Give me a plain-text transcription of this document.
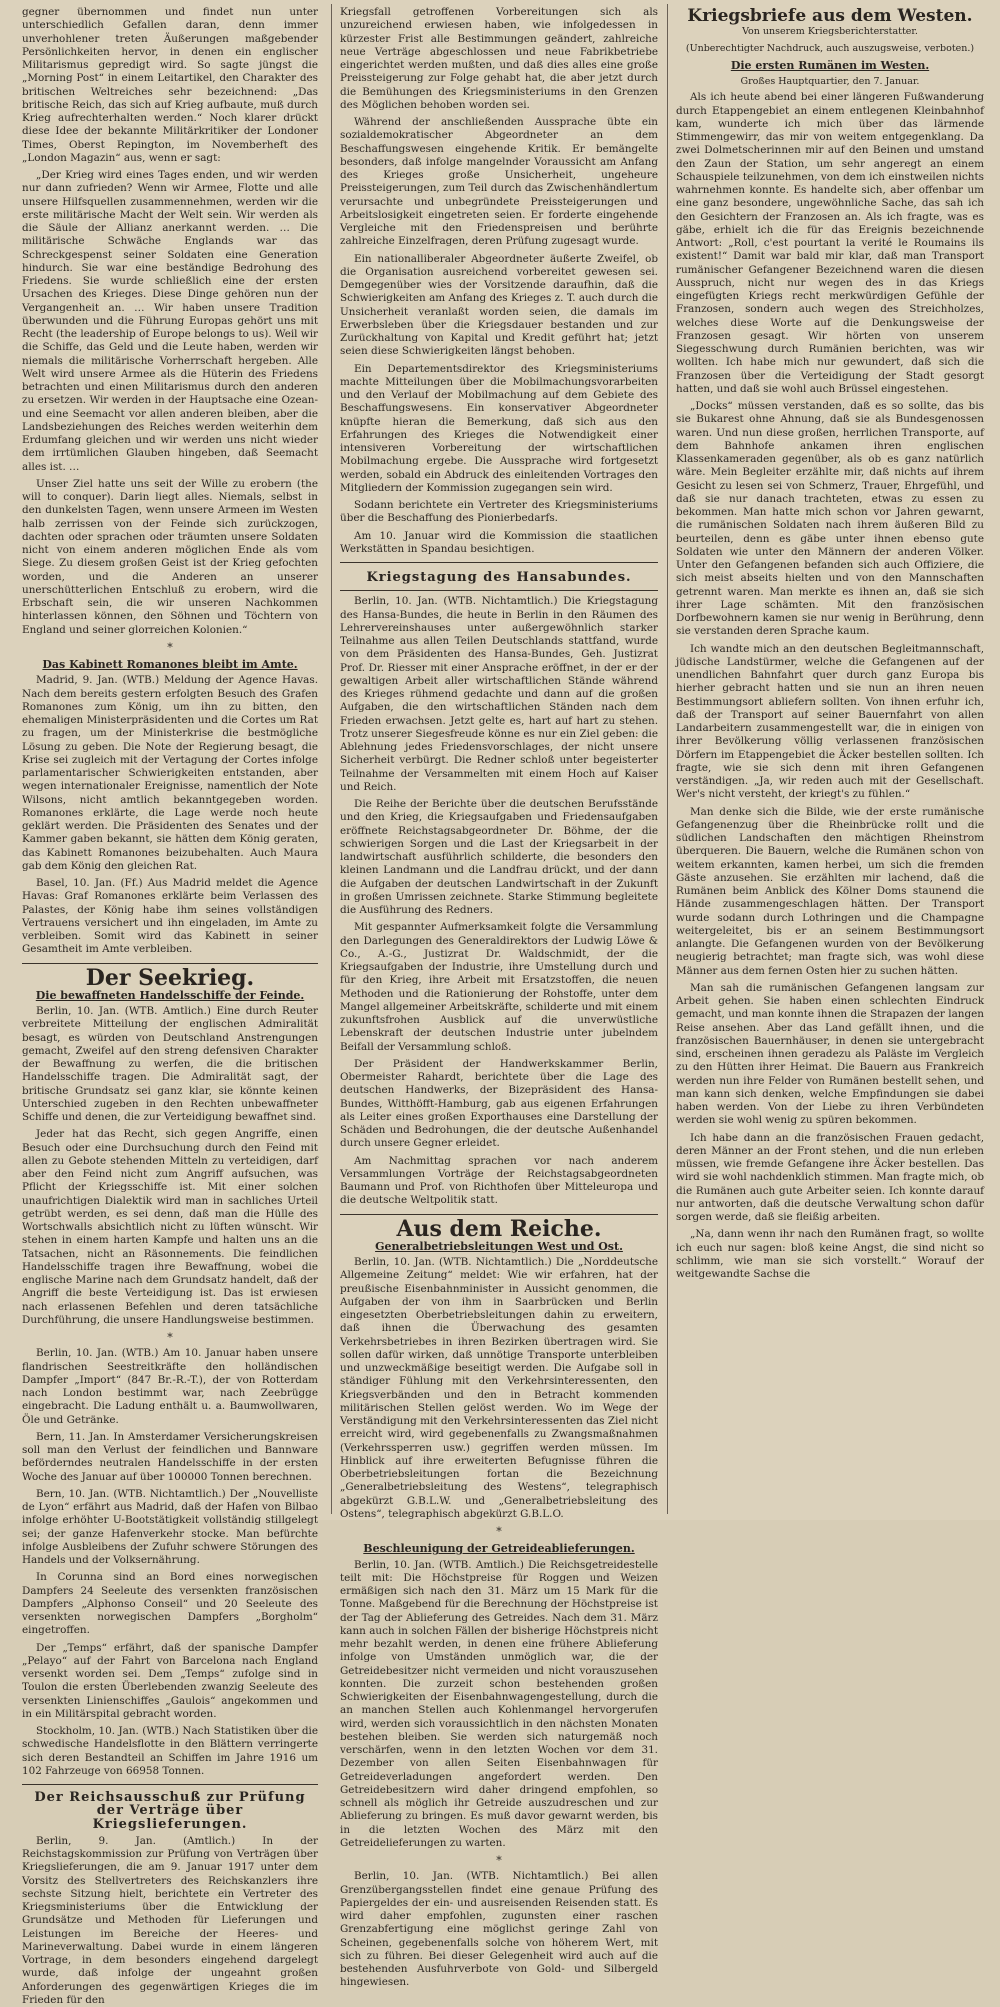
gegner übernommen und findet nun unter unterschiedlich Gefallen daran, denn immer unverhohlener treten Äußerungen maßgebender Persönlichkeiten hervor, in denen ein englischer Militarismus gepredigt wird. So sagte jüngst die „Morning Post“ in einem Leitartikel, den Charakter des britischen Weltreiches sehr bezeichnend: „Das britische Reich, das sich auf Krieg aufbaute, muß durch Krieg aufrechterhalten werden.“ Noch klarer drückt diese Idee der bekannte Militärkritiker der Londoner Times, Oberst Repington, im Novemberheft des „London Magazin“ aus, wenn er sagt:

„Der Krieg wird eines Tages enden, und wir werden nur dann zufrieden? Wenn wir Armee, Flotte und alle unsere Hilfsquellen zusammennehmen, werden wir die erste militärische Macht der Welt sein. Wir werden als die Säule der Allianz anerkannt werden. … Die militärische Schwäche Englands war das Schreckgespenst seiner Soldaten eine Generation hindurch. Sie war eine beständige Bedrohung des Friedens. Sie wurde schließlich eine der ersten Ursachen des Krieges. Diese Dinge gehören nun der Vergangenheit an. … Wir haben unsere Tradition überwunden und die Führung Europas gehört uns mit Recht (the leadership of Europe belongs to us). Weil wir die Schiffe, das Geld und die Leute haben, werden wir niemals die militärische Vorherrschaft hergeben. Alle Welt wird unsere Armee als die Hüterin des Friedens betrachten und einen Militarismus durch den anderen zu ersetzen. Wir werden in der Hauptsache eine Ozean- und eine Seemacht vor allen anderen bleiben, aber die Landsbeziehungen des Reiches werden weiterhin dem Erdumfang gleichen und wir werden uns nicht wieder dem irrtümlichen Glauben hingeben, daß Seemacht alles ist. …

Unser Ziel hatte uns seit der Wille zu erobern (the will to conquer). Darin liegt alles. Niemals, selbst in den dunkelsten Tagen, wenn unsere Armeen im Westen halb zerrissen von der Feinde sich zurückzogen, dachten oder sprachen oder träumten unsere Soldaten nicht von einem anderen möglichen Ende als vom Siege. Zu diesem großen Geist ist der Krieg gefochten worden, und die Anderen an unserer unerschütterlichen Entschluß zu erobern, wird die Erbschaft sein, die wir unseren Nachkommen hinterlassen können, den Söhnen und Töchtern von England und seiner glorreichen Kolonien.“

*
Das Kabinett Romanones bleibt im Amte.

Madrid, 9. Jan. (WTB.) Meldung der Agence Havas. Nach dem bereits gestern erfolgten Besuch des Grafen Romanones zum König, um ihn zu bitten, den ehemaligen Ministerpräsidenten und die Cortes um Rat zu fragen, um der Ministerkrise die bestmögliche Lösung zu geben. Die Note der Regierung besagt, die Krise sei zugleich mit der Vertagung der Cortes infolge parlamentarischer Schwierigkeiten entstanden, aber wegen internationaler Ereignisse, namentlich der Note Wilsons, nicht amtlich bekanntgegeben worden. Romanones erklärte, die Lage werde noch heute geklärt werden. Die Präsidenten des Senates und der Kammer gaben bekannt, sie hätten dem König geraten, das Kabinett Romanones beizubehalten. Auch Maura gab dem König den gleichen Rat.

Basel, 10. Jan. (Ff.) Aus Madrid meldet die Agence Havas: Graf Romanones erklärte beim Verlassen des Palastes, der König habe ihm seines vollständigen Vertrauens versichert und ihn eingeladen, im Amte zu verbleiben. Somit wird das Kabinett in seiner Gesamtheit im Amte verbleiben.

Der Seekrieg.
Die bewaffneten Handelsschiffe der Feinde.

Berlin, 10. Jan. (WTB. Amtlich.) Eine durch Reuter verbreitete Mitteilung der englischen Admiralität besagt, es würden von Deutschland Anstrengungen gemacht, Zweifel auf den streng defensiven Charakter der Bewaffnung zu werfen, die die britischen Handelsschiffe tragen. Die Admiralität sagt, der britische Grundsatz sei ganz klar, sie könnte keinen Unterschied zugeben in den Rechten unbewaffneter Schiffe und denen, die zur Verteidigung bewaffnet sind.

Jeder hat das Recht, sich gegen Angriffe, einen Besuch oder eine Durchsuchung durch den Feind mit allen zu Gebote stehenden Mitteln zu verteidigen, darf aber den Feind nicht zum Angriff aufsuchen, was Pflicht der Kriegsschiffe ist. Mit einer solchen unaufrichtigen Dialektik wird man in sachliches Urteil getrübt werden, es sei denn, daß man die Hülle des Wortschwalls absichtlich nicht zu lüften wünscht. Wir stehen in einem harten Kampfe und halten uns an die Tatsachen, nicht an Räsonnements. Die feindlichen Handelsschiffe tragen ihre Bewaffnung, wobei die englische Marine nach dem Grundsatz handelt, daß der Angriff die beste Verteidigung ist. Das ist erwiesen nach erlassenen Befehlen und deren tatsächliche Durchführung, die unsere Handlungsweise bestimmen.

*

Berlin, 10. Jan. (WTB.) Am 10. Januar haben unsere flandrischen Seestreitkräfte den holländischen Dampfer „Import“ (847 Br.-R.-T.), der von Rotterdam nach London bestimmt war, nach Zeebrügge eingebracht. Die Ladung enthält u. a. Baumwollwaren, Öle und Getränke.

Bern, 11. Jan. In Amsterdamer Versicherungskreisen soll man den Verlust der feindlichen und Bannware beförderndes neutralen Handelsschiffe in der ersten Woche des Januar auf über 100000 Tonnen berechnen.

Bern, 10. Jan. (WTB. Nichtamtlich.) Der „Nouvelliste de Lyon“ erfährt aus Madrid, daß der Hafen von Bilbao infolge erhöhter U-Bootstätigkeit vollständig stillgelegt sei; der ganze Hafenverkehr stocke. Man befürchte infolge Ausbleibens der Zufuhr schwere Störungen des Handels und der Volksernährung.

In Corunna sind an Bord eines norwegischen Dampfers 24 Seeleute des versenkten französischen Dampfers „Alphonso Conseil“ und 20 Seeleute des versenkten norwegischen Dampfers „Borgholm“ eingetroffen.

Der „Temps“ erfährt, daß der spanische Dampfer „Pelayo“ auf der Fahrt von Barcelona nach England versenkt worden sei. Dem „Temps“ zufolge sind in Toulon die ersten Überlebenden zwanzig Seeleute des versenkten Linienschiffes „Gaulois“ angekommen und in ein Militärspital gebracht worden.

Stockholm, 10. Jan. (WTB.) Nach Statistiken über die schwedische Handelsflotte in den Blättern verringerte sich deren Bestandteil an Schiffen im Jahre 1916 um 102 Fahrzeuge von 66958 Tonnen.

Der Reichsausschuß zur Prüfung der Verträge über Kriegslieferungen.

Berlin, 9. Jan. (Amtlich.) In der Reichstagskommission zur Prüfung von Verträgen über Kriegslieferungen, die am 9. Januar 1917 unter dem Vorsitz des Stellvertreters des Reichskanzlers ihre sechste Sitzung hielt, berichtete ein Vertreter des Kriegsministeriums über die Entwicklung der Grundsätze und Methoden für Lieferungen und Leistungen im Bereiche der Heeres- und Marineverwaltung. Dabei wurde in einem längeren Vortrage, in dem besonders eingehend dargelegt wurde, daß infolge der ungeahnt großen Anforderungen des gegenwärtigen Krieges die im Frieden für den

Kriegsfall getroffenen Vorbereitungen sich als unzureichend erwiesen haben, wie infolgedessen in kürzester Frist alle Bestimmungen geändert, zahlreiche neue Verträge abgeschlossen und neue Fabrikbetriebe eingerichtet werden mußten, und daß dies alles eine große Preissteigerung zur Folge gehabt hat, die aber jetzt durch die Bemühungen des Kriegsministeriums in den Grenzen des Möglichen behoben worden sei.

Während der anschließenden Aussprache übte ein sozialdemokratischer Abgeordneter an dem Beschaffungswesen eingehende Kritik. Er bemängelte besonders, daß infolge mangelnder Voraussicht am Anfang des Krieges große Unsicherheit, ungeheure Preissteigerungen, zum Teil durch das Zwischenhändlertum verursachte und unbegründete Preissteigerungen und Arbeitslosigkeit eingetreten seien. Er forderte eingehende Vergleiche mit den Friedenspreisen und berührte zahlreiche Einzelfragen, deren Prüfung zugesagt wurde.

Ein nationalliberaler Abgeordneter äußerte Zweifel, ob die Organisation ausreichend vorbereitet gewesen sei. Demgegenüber wies der Vorsitzende daraufhin, daß die Schwierigkeiten am Anfang des Krieges z. T. auch durch die Unsicherheit veranlaßt worden seien, die damals im Erwerbsleben über die Kriegsdauer bestanden und zur Zurückhaltung von Kapital und Kredit geführt hat; jetzt seien diese Schwierigkeiten längst behoben.

Ein Departementsdirektor des Kriegsministeriums machte Mitteilungen über die Mobilmachungsvorarbeiten und den Verlauf der Mobilmachung auf dem Gebiete des Beschaffungswesens. Ein konservativer Abgeordneter knüpfte hieran die Bemerkung, daß sich aus den Erfahrungen des Krieges die Notwendigkeit einer intensiveren Vorbereitung der wirtschaftlichen Mobilmachung ergebe. Die Aussprache wird fortgesetzt werden, sobald ein Abdruck des einleitenden Vortrages den Mitgliedern der Kommission zugegangen sein wird.

Sodann berichtete ein Vertreter des Kriegsministeriums über die Beschaffung des Pionierbedarfs.

Am 10. Januar wird die Kommission die staatlichen Werkstätten in Spandau besichtigen.

Kriegstagung des Hansabundes.

Berlin, 10. Jan. (WTB. Nichtamtlich.) Die Kriegstagung des Hansa-Bundes, die heute in Berlin in den Räumen des Lehrervereinshauses unter außergewöhnlich starker Teilnahme aus allen Teilen Deutschlands stattfand, wurde von dem Präsidenten des Hansa-Bundes, Geh. Justizrat Prof. Dr. Riesser mit einer Ansprache eröffnet, in der er der gewaltigen Arbeit aller wirtschaftlichen Stände während des Krieges rühmend gedachte und dann auf die großen Aufgaben, die den wirtschaftlichen Ständen nach dem Frieden erwachsen. Jetzt gelte es, hart auf hart zu stehen. Trotz unserer Siegesfreude könne es nur ein Ziel geben: die Ablehnung jedes Friedensvorschlages, der nicht unsere Sicherheit verbürgt. Die Redner schloß unter begeisterter Teilnahme der Versammelten mit einem Hoch auf Kaiser und Reich.

Die Reihe der Berichte über die deutschen Berufsstände und den Krieg, die Kriegsaufgaben und Friedensaufgaben eröffnete Reichstagsabgeordneter Dr. Böhme, der die schwierigen Sorgen und die Last der Kriegsarbeit in der landwirtschaft ausführlich schilderte, die besonders den kleinen Landmann und die Landfrau drückt, und der dann die Aufgaben der deutschen Landwirtschaft in der Zukunft in großen Umrissen zeichnete. Starke Stimmung begleitete die Ausführung des Redners.

Mit gespannter Aufmerksamkeit folgte die Versammlung den Darlegungen des Generaldirektors der Ludwig Löwe & Co., A.-G., Justizrat Dr. Waldschmidt, der die Kriegsaufgaben der Industrie, ihre Umstellung durch und für den Krieg, ihre Arbeit mit Ersatzstoffen, die neuen Methoden und die Rationierung der Rohstoffe, unter dem Mangel allgemeiner Arbeitskräfte, schilderte und mit einem zukunftsfrohen Ausblick auf die unverwüstliche Lebenskraft der deutschen Industrie unter jubelndem Beifall der Versammlung schloß.

Der Präsident der Handwerkskammer Berlin, Obermeister Rahardt, berichtete über die Lage des deutschen Handwerks, der Bizepräsident des Hansa-Bundes, Witthöfft-Hamburg, gab aus eigenen Erfahrungen als Leiter eines großen Exporthauses eine Darstellung der Schäden und Bedrohungen, die der deutsche Außenhandel durch unsere Gegner erleidet.

Am Nachmittag sprachen vor nach anderem Versammlungen Vorträge der Reichstagsabgeordneten Baumann und Prof. von Richthofen über Mitteleuropa und die deutsche Weltpolitik statt.

Aus dem Reiche.
Generalbetriebsleitungen West und Ost.

Berlin, 10. Jan. (WTB. Nichtamtlich.) Die „Norddeutsche Allgemeine Zeitung“ meldet: Wie wir erfahren, hat der preußische Eisenbahnminister in Aussicht genommen, die Aufgaben der von ihm in Saarbrücken und Berlin eingesetzten Oberbetriebsleitungen dahin zu erweitern, daß ihnen die Überwachung des gesamten Verkehrsbetriebes in ihren Bezirken übertragen wird. Sie sollen dafür wirken, daß unnötige Transporte unterbleiben und unzweckmäßige beseitigt werden. Die Aufgabe soll in ständiger Fühlung mit den Verkehrsinteressenten, den Kriegsverbänden und den in Betracht kommenden militärischen Stellen gelöst werden. Wo im Wege der Verständigung mit den Verkehrsinteressenten das Ziel nicht erreicht wird, wird gegebenenfalls zu Zwangsmaßnahmen (Verkehrssperren usw.) gegriffen werden müssen. Im Hinblick auf ihre erweiterten Befugnisse führen die Oberbetriebsleitungen fortan die Bezeichnung „Generalbetriebsleitung des Westens“, telegraphisch abgekürzt G.B.L.W. und „Generalbetriebsleitung des Ostens“, telegraphisch abgekürzt G.B.L.O.

*
Beschleunigung der Getreideablieferungen.

Berlin, 10. Jan. (WTB. Amtlich.) Die Reichsgetreidestelle teilt mit: Die Höchstpreise für Roggen und Weizen ermäßigen sich nach den 31. März um 15 Mark für die Tonne. Maßgebend für die Berechnung der Höchstpreise ist der Tag der Ablieferung des Getreides. Nach dem 31. März kann auch in solchen Fällen der bisherige Höchstpreis nicht mehr bezahlt werden, in denen eine frühere Ablieferung infolge von Umständen unmöglich war, die der Getreidebesitzer nicht vermeiden und nicht vorauszusehen konnten. Die zurzeit schon bestehenden großen Schwierigkeiten der Eisenbahnwagengestellung, durch die an manchen Stellen auch Kohlenmangel hervorgerufen wird, werden sich voraussichtlich in den nächsten Monaten bestehen bleiben. Sie werden sich naturgemäß noch verschärfen, wenn in den letzten Wochen vor dem 31. Dezember von allen Seiten Eisenbahnwagen für Getreideverladungen angefordert werden. Den Getreidebesitzern wird daher dringend empfohlen, so schnell als möglich ihr Getreide auszudreschen und zur Ablieferung zu bringen. Es muß davor gewarnt werden, bis in die letzten Wochen des März mit den Getreidelieferungen zu warten.

*

Berlin, 10. Jan. (WTB. Nichtamtlich.) Bei allen Grenzübergangsstellen findet eine genaue Prüfung des Papiergeldes der ein- und ausreisenden Reisenden statt. Es wird daher empfohlen, zugunsten einer raschen Grenzabfertigung eine möglichst geringe Zahl von Scheinen, gegebenenfalls solche von höherem Wert, mit sich zu führen. Bei dieser Gelegenheit wird auch auf die bestehenden Ausfuhrverbote von Gold- und Silbergeld hingewiesen.

Kriegsbriefe aus dem Westen.
Von unserem Kriegsberichterstatter.
(Unberechtigter Nachdruck, auch auszugsweise, verboten.)
Die ersten Rumänen im Westen.
Großes Hauptquartier, den 7. Januar.

Als ich heute abend bei einer längeren Fußwanderung durch Etappengebiet an einem entlegenen Kleinbahnhof kam, wunderte ich mich über das lärmende Stimmengewirr, das mir von weitem entgegenklang. Da zwei Dolmetscherinnen mir auf den Beinen und umstand den Zaun der Station, um sehr angeregt an einem Schauspiele teilzunehmen, von dem ich einstweilen nichts wahrnehmen konnte. Es handelte sich, aber offenbar um eine ganz besondere, ungewöhnliche Sache, das sah ich den Gesichtern der Franzosen an. Als ich fragte, was es gäbe, erhielt ich die für das Ereignis bezeichnende Antwort: „Roll, c'est pourtant la verité le Roumains ils existent!“ Damit war bald mir klar, daß man Transport rumänischer Gefangener Bezeichnend waren die diesen Ausspruch, nicht nur wegen des in das Kriegs eingefügten Kriegs recht merkwürdigen Gefühle der Franzosen, sondern auch wegen des Streichholzes, welches diese Worte auf die Denkungsweise der Franzosen gesagt. Wir hörten von unserem Siegesschwung durch Rumänien berichten, was wir wollten. Ich habe mich nur gewundert, daß sich die Franzosen über die Verteidigung der Stadt gesorgt hatten, und daß sie wohl auch Brüssel eingestehen.

„Docks“ müssen verstanden, daß es so sollte, das bis sie Bukarest ohne Ahnung, daß sie als Bundesgenossen waren. Und nun diese großen, herrlichen Transporte, auf dem Bahnhofe ankamen ihren englischen Klassenkameraden gegenüber, als ob es ganz natürlich wäre. Mein Begleiter erzählte mir, daß nichts auf ihrem Gesicht zu lesen sei von Schmerz, Trauer, Ehrgefühl, und daß sie nur danach trachteten, etwas zu essen zu bekommen. Man hatte mich schon vor Jahren gewarnt, die rumänischen Soldaten nach ihrem äußeren Bild zu beurteilen, denn es gäbe unter ihnen ebenso gute Soldaten wie unter den Männern der anderen Völker. Unter den Gefangenen befanden sich auch Offiziere, die sich meist abseits hielten und von den Mannschaften getrennt waren. Man merkte es ihnen an, daß sie sich ihrer Lage schämten. Mit den französischen Dorfbewohnern kamen sie nur wenig in Berührung, denn sie verstanden deren Sprache kaum.

Ich wandte mich an den deutschen Begleitmannschaft, jüdische Landstürmer, welche die Gefangenen auf der unendlichen Bahnfahrt quer durch ganz Europa bis hierher gebracht hatten und sie nun an ihren neuen Bestimmungsort abliefern sollten. Von ihnen erfuhr ich, daß der Transport auf seiner Bauernfahrt von allen Landarbeitern zusammengestellt war, die in einigen von ihrer Bevölkerung völlig verlassenen französischen Dörfern im Etappengebiet die Äcker bestellen sollten. Ich fragte, wie sie sich denn mit ihren Gefangenen verständigen. „Ja, wir reden auch mit der Gesellschaft. Wer's nicht versteht, der kriegt's zu fühlen.“

Man denke sich die Bilde, wie der erste rumänische Gefangenenzug über die Rheinbrücke rollt und die südlichen Landschaften den mächtigen Rheinstrom überqueren. Die Bauern, welche die Rumänen schon von weitem erkannten, kamen herbei, um sich die fremden Gäste anzusehen. Sie erzählten mir lachend, daß die Rumänen beim Anblick des Kölner Doms staunend die Hände zusammengeschlagen hätten. Der Transport wurde sodann durch Lothringen und die Champagne weitergeleitet, bis er an seinem Bestimmungsort anlangte. Die Gefangenen wurden von der Bevölkerung neugierig betrachtet; man fragte sich, was wohl diese Männer aus dem fernen Osten hier zu suchen hätten.

Man sah die rumänischen Gefangenen langsam zur Arbeit gehen. Sie haben einen schlechten Eindruck gemacht, und man konnte ihnen die Strapazen der langen Reise ansehen. Aber das Land gefällt ihnen, und die französischen Bauernhäuser, in denen sie untergebracht sind, erscheinen ihnen geradezu als Paläste im Vergleich zu den Hütten ihrer Heimat. Die Bauern aus Frankreich werden nun ihre Felder von Rumänen bestellt sehen, und man kann sich denken, welche Empfindungen sie dabei haben werden. Von der Liebe zu ihren Verbündeten werden sie wohl wenig zu spüren bekommen.

Ich habe dann an die französischen Frauen gedacht, deren Männer an der Front stehen, und die nun erleben müssen, wie fremde Gefangene ihre Äcker bestellen. Das wird sie wohl nachdenklich stimmen. Man fragte mich, ob die Rumänen auch gute Arbeiter seien. Ich konnte darauf nur antworten, daß die deutsche Verwaltung schon dafür sorgen werde, daß sie fleißig arbeiten.

„Na, dann wenn ihr nach den Rumänen fragt, so wollte ich euch nur sagen: bloß keine Angst, die sind nicht so schlimm, wie man sie sich vorstellt.“ Worauf der weitgewandte Sachse die
